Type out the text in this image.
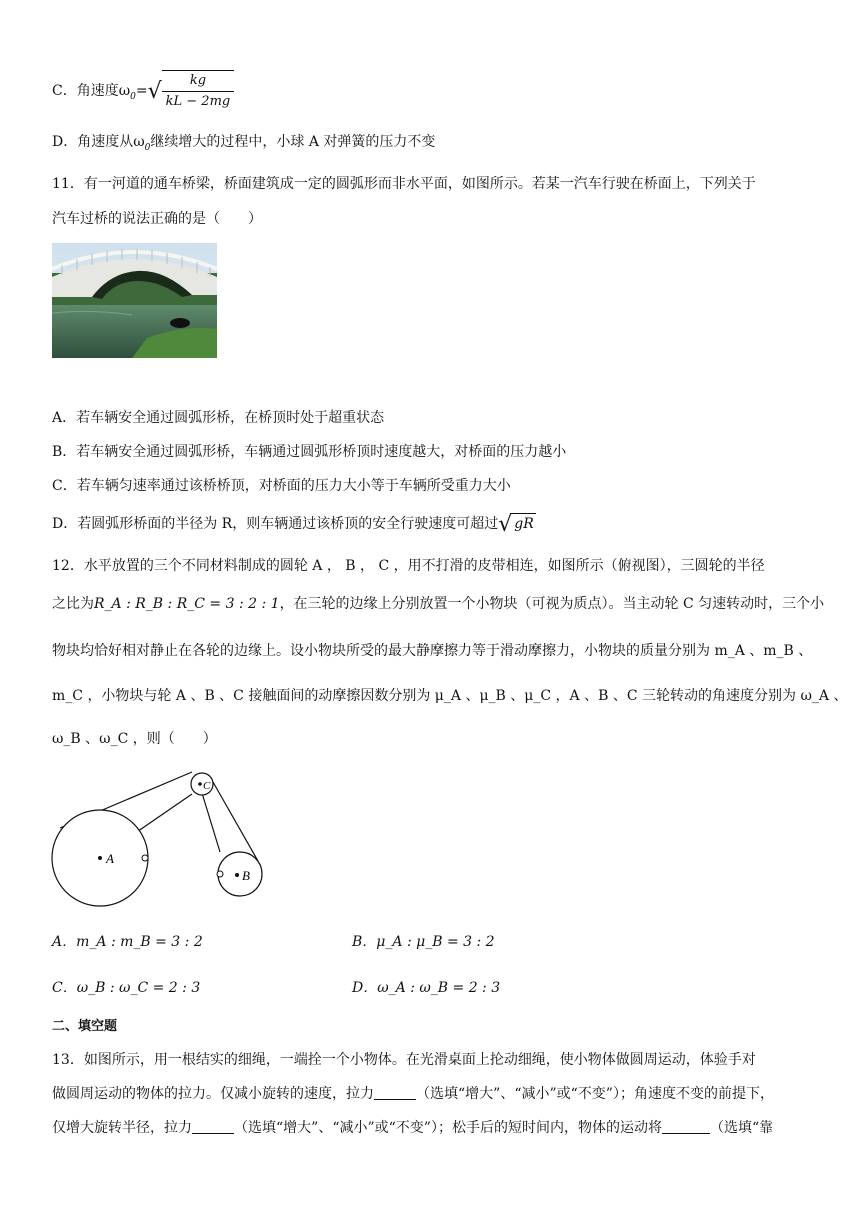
C．角速度$\omega_0=√ \frac{kg}{kL - 2mg}$
D．角速度从$\omega_0$继续增大的过程中，小球 A 对弹簧的压力不变
11．有一河道的通车桥梁，桥面建筑成一定的圆弧形而非水平面，如图所示。若某一汽车行驶在桥面上，下列关于
汽车过桥的说法正确的是（　　）
A．若车辆安全通过圆弧形桥，在桥顶时处于超重状态
B．若车辆安全通过圆弧形桥，车辆通过圆弧形桥顶时速度越大，对桥面的压力越小
C．若车辆匀速率通过该桥桥顶，对桥面的压力大小等于车辆所受重力大小
D．若圆弧形桥面的半径为 R，则车辆通过该桥顶的安全行驶速度可超过√ gR
12．水平放置的三个不同材料制成的圆轮 A ， B ， C ，用不打滑的皮带相连，如图所示（俯视图），三圆轮的半径
之比为R_A : R_B : R_C = 3 : 2 : 1，在三轮的边缘上分别放置一个小物块（可视为质点）。当主动轮 C 匀速转动时，三个小
物块均恰好相对静止在各轮的边缘上。设小物块所受的最大静摩擦力等于滑动摩擦力，小物块的质量分别为 m_A 、m_B 、
m_C ，小物块与轮 A 、B 、C 接触面间的动摩擦因数分别为 μ_A 、μ_B 、μ_C ，A 、B 、C 三轮转动的角速度分别为 ω_A 、
ω_B 、ω_C ，则（　　）
A
B
C
A．m_A : m_B = 3 : 2	B．μ_A : μ_B = 3 : 2
C．ω_B : ω_C = 2 : 3	D．ω_A : ω_B = 2 : 3
二、填空题
13．如图所示，用一根结实的细绳，一端拴一个小物体。在光滑桌面上抡动细绳，使小物体做圆周运动，体验手对
做圆周运动的物体的拉力。仅减小旋转的速度，拉力	（选填“增大”、“减小”或“不变”）；角速度不变的前提下，
仅增大旋转半径，拉力	（选填“增大”、“减小”或“不变”）；松手后的短时间内，物体的运动将	（选填“靠
